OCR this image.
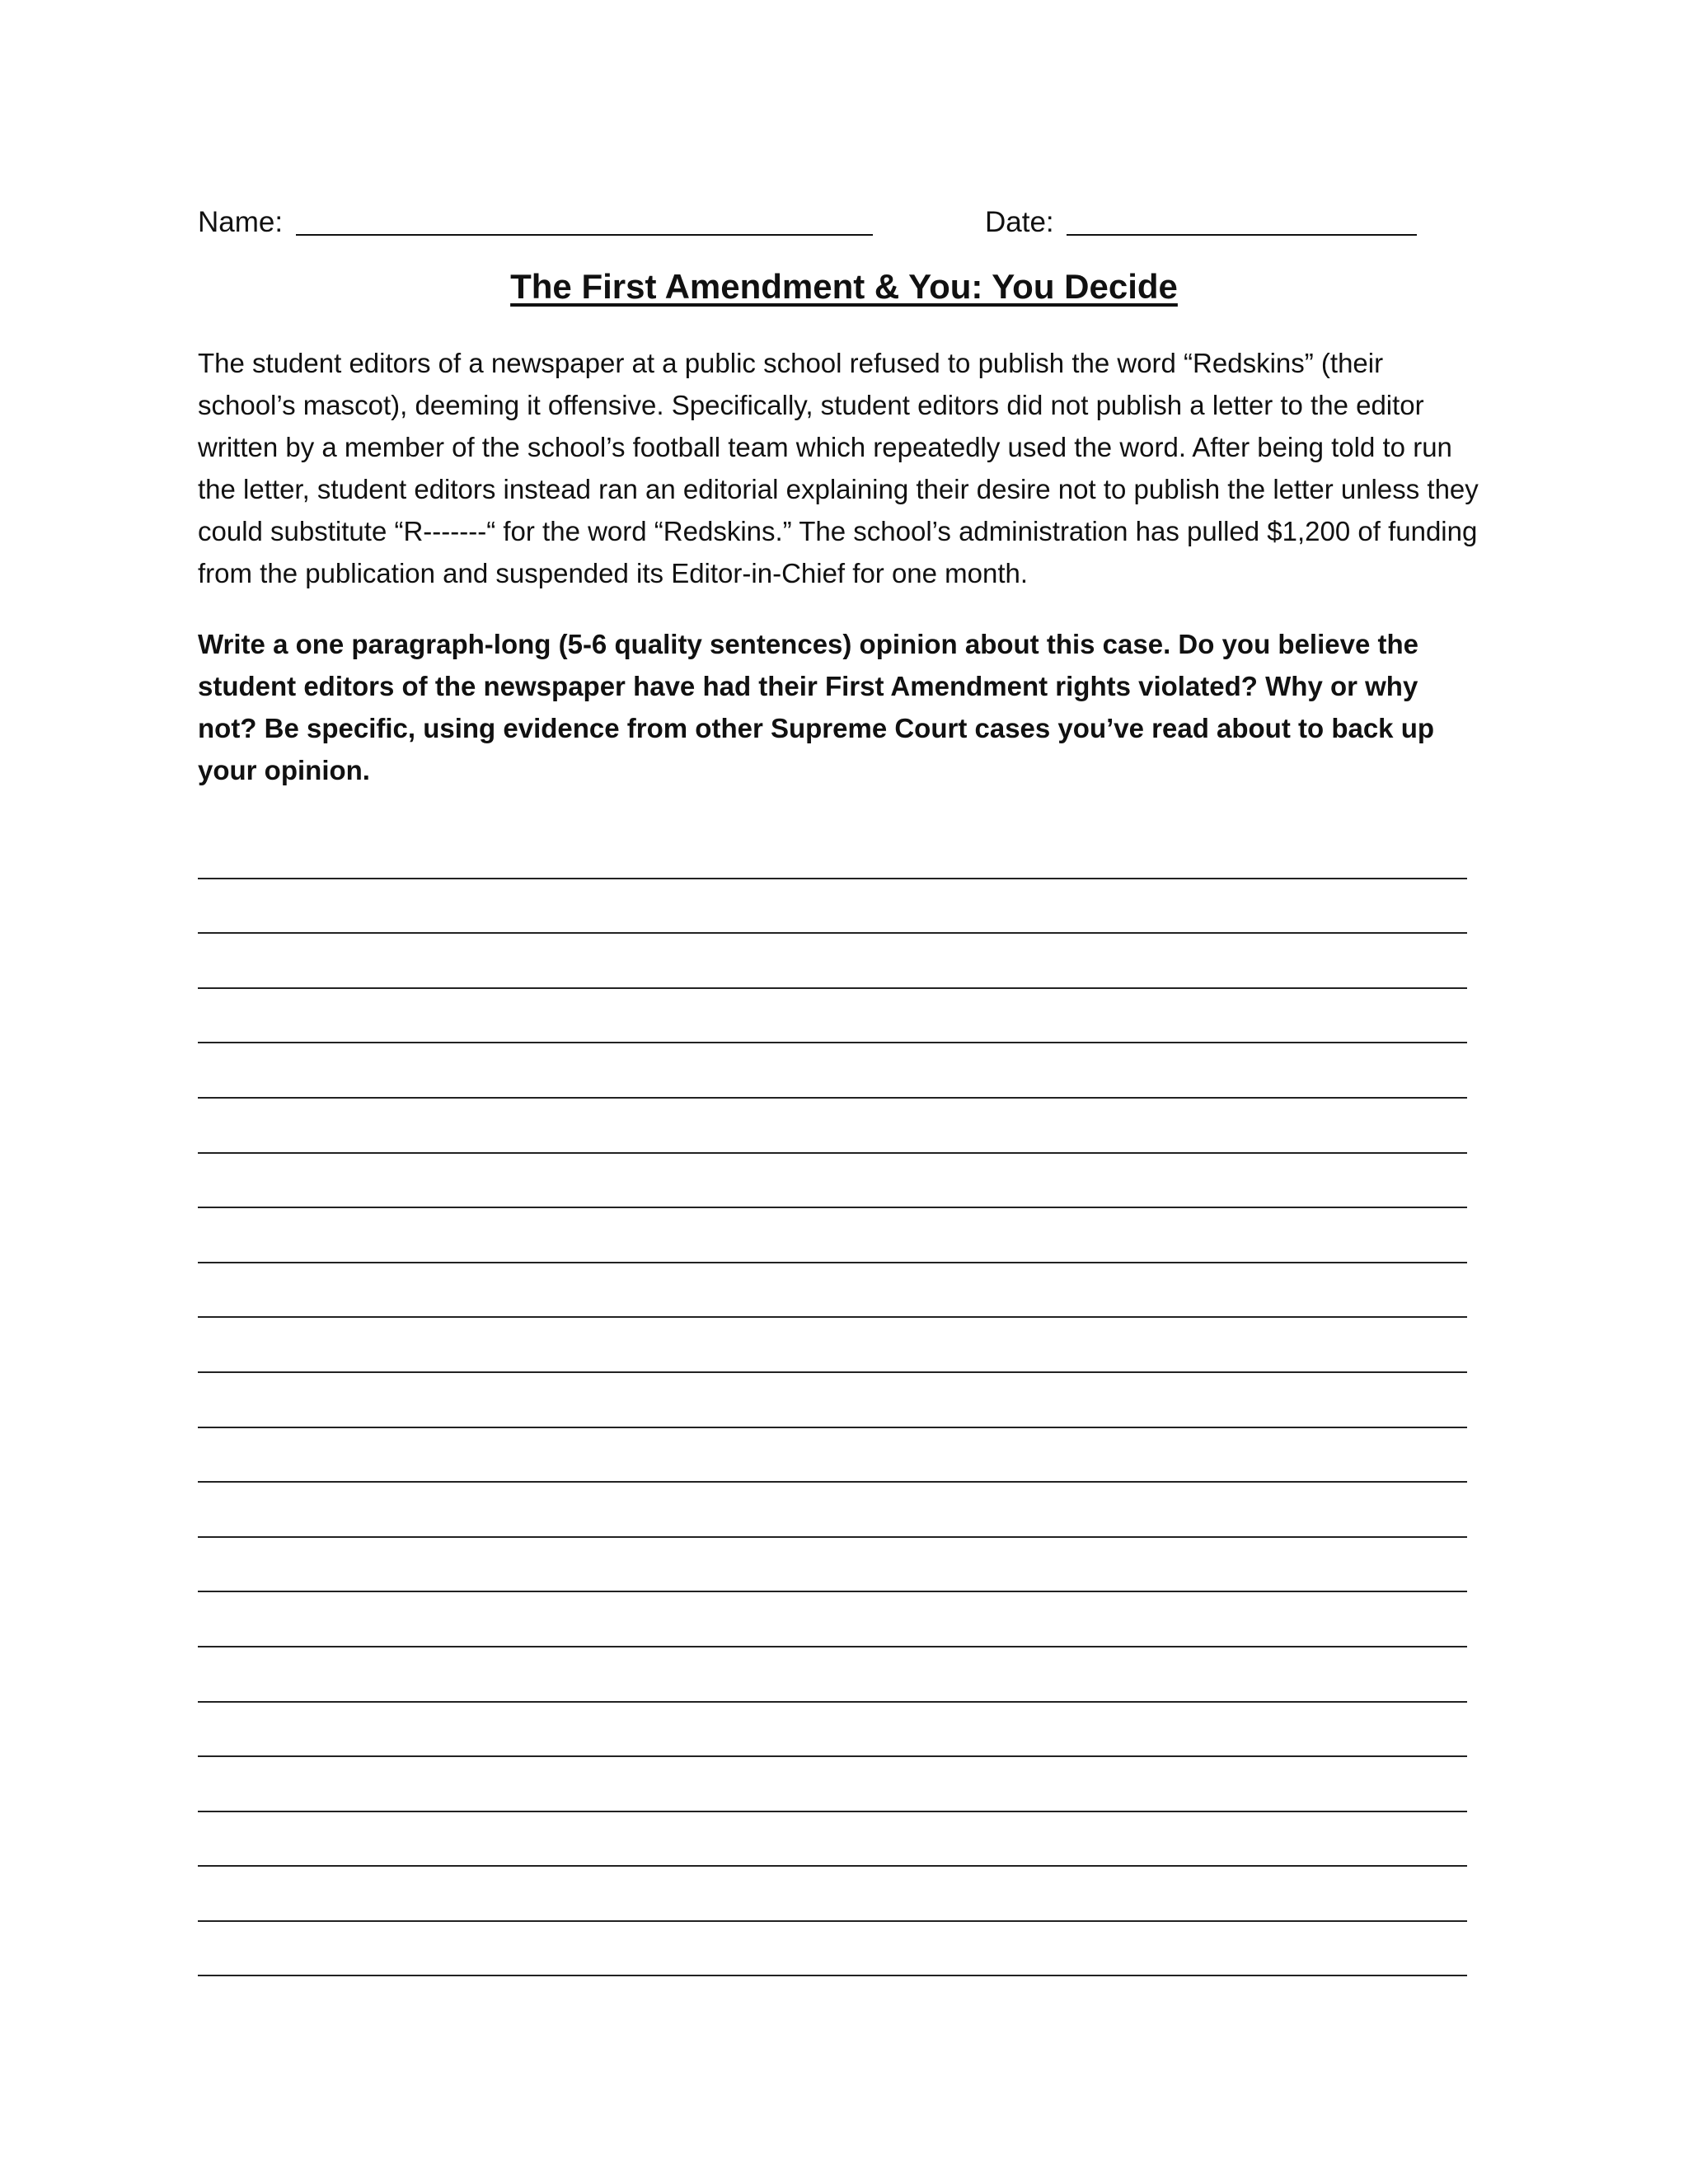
Name:	Date:
The First Amendment & You: You Decide

The student editors of a newspaper at a public school refused to publish the word “Redskins” (their school’s mascot), deeming it offensive. Specifically, student editors did not publish a letter to the editor written by a member of the school’s football team which repeatedly used the word. After being told to run the letter, student editors instead ran an editorial explaining their desire not to publish the letter unless they could substitute “R-------“ for the word “Redskins.” The school’s administration has pulled $1,200 of funding from the publication and suspended its Editor-in-Chief for one month.

Write a one paragraph-long (5-6 quality sentences) opinion about this case. Do you believe the student editors of the newspaper have had their First Amendment rights violated? Why or why not? Be specific, using evidence from other Supreme Court cases you’ve read about to back up your opinion.
